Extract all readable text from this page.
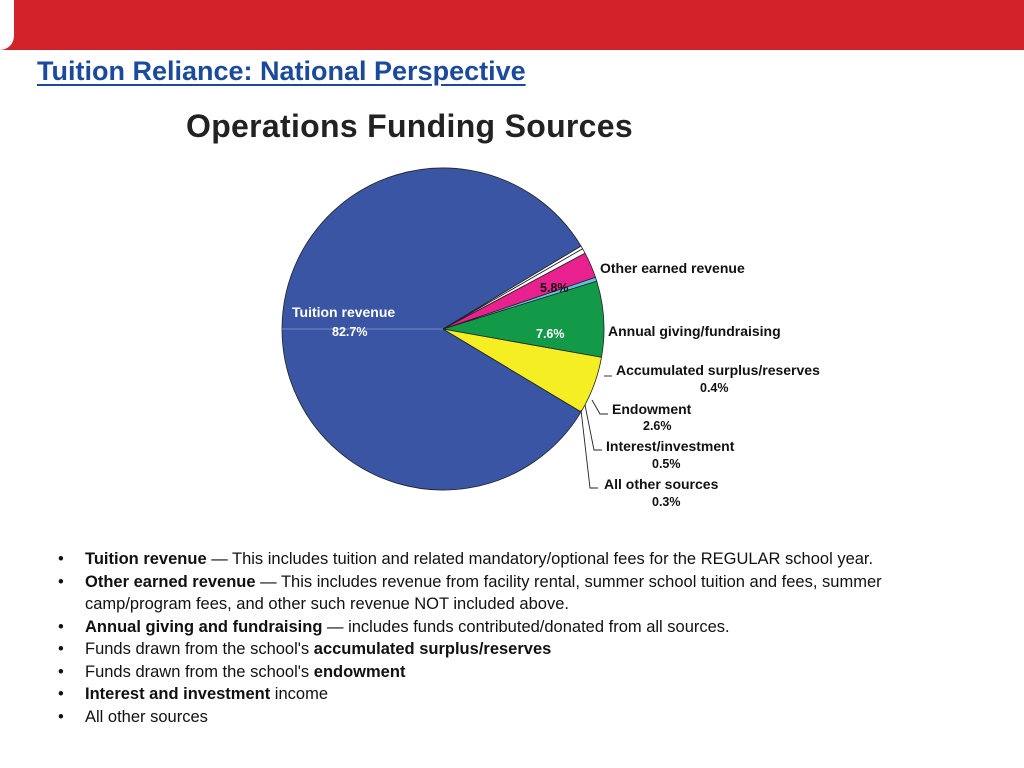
Tuition Reliance: National Perspective
Operations Funding Sources
Tuition revenue
82.7%
5.8%
Other earned revenue
7.6%	Annual giving/fundraising
Accumulated surplus/reserves
0.4%
Endowment
2.6%
Interest/investment
0.5%
All other sources
0.3%
• Tuition revenue — This includes tuition and related mandatory/optional fees for the REGULAR school year.
• Other earned revenue — This includes revenue from facility rental, summer school tuition and fees, summer camp/program fees, and other such revenue NOT included above.
• Annual giving and fundraising — includes funds contributed/donated from all sources.
• Funds drawn from the school's accumulated surplus/reserves
• Funds drawn from the school's endowment
• Interest and investment income
• All other sources
